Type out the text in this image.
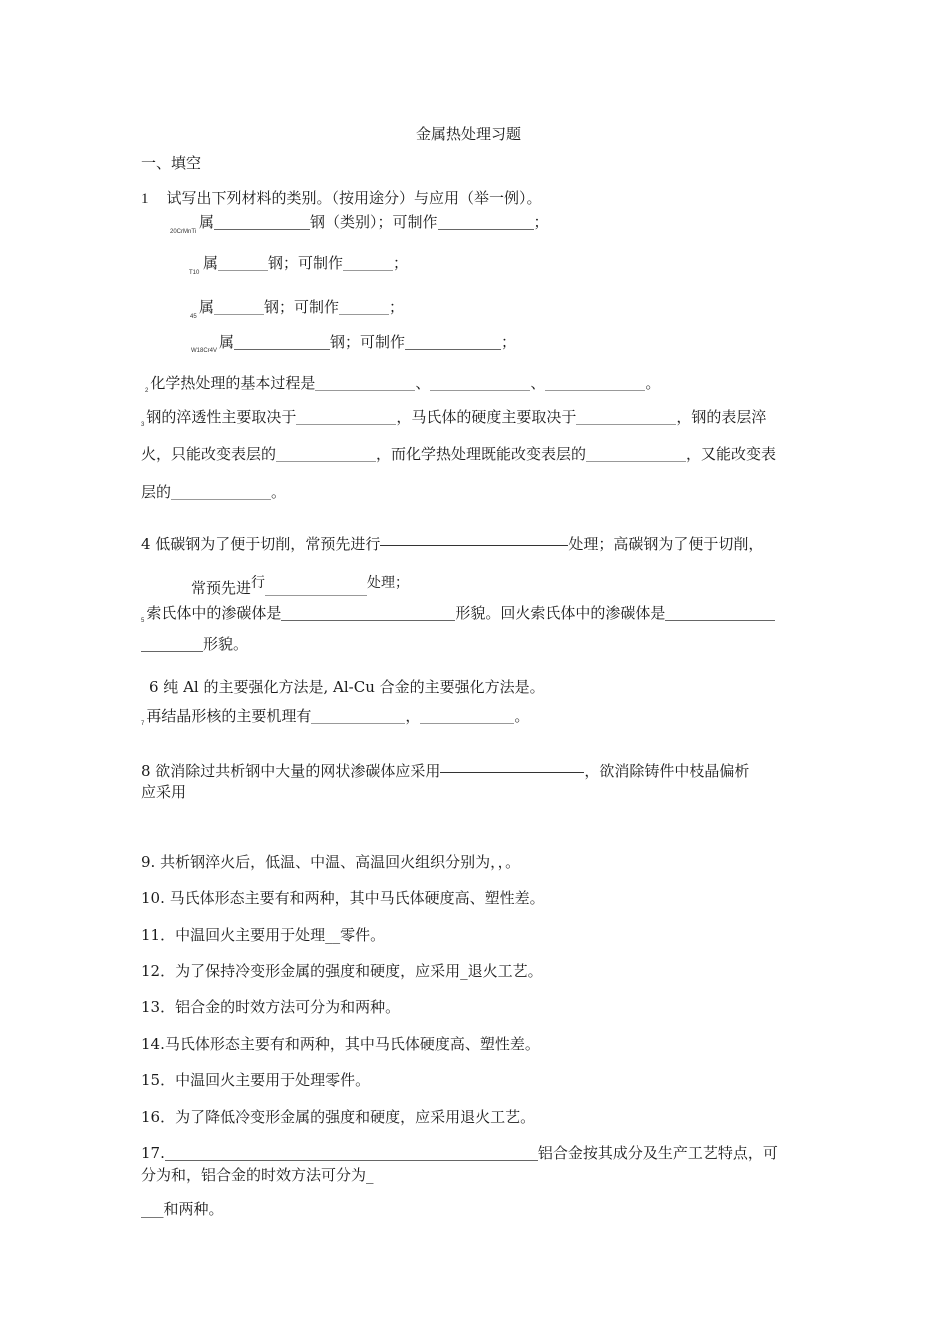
金属热处理习题
一、填空
1 试写出下列材料的类别。（按用途分）与应用（举一例）。
20CrMnTi
属	钢（类别）；可制作	；
T10
属	钢；可制作	；
45
属	钢；可制作	；
W18Cr4V 属	钢；可制作	；
$_2$ 化学热处理的基本过程是	、	、	。
$_3$ 钢的淬透性主要取决于	，马氏体的硬度主要取决于	，钢的表层淬
火，只能改变表层的	，而化学热处理既能改变表层的	，又能改变表
层的	。
4 低碳钢为了便于切削，常预先进行	处理；高碳钢为了便于切削，
常预先进行	处理；
$_5$ 索氏体中的渗碳体是	形貌。回火索氏体中的渗碳体是
形貌。
6 纯 Al 的主要强化方法是, Al-Cu 合金的主要强化方法是。
$_7$ 再结晶形核的主要机理有	，	。
8 欲消除过共析钢中大量的网状渗碳体应采用	，欲消除铸件中枝晶偏析
应采用
9. 共析钢淬火后，低温、中温、高温回火组织分别为，，。
10. 马氏体形态主要有和两种，其中马氏体硬度高、塑性差。
11．中温回火主要用于处理__零件。
12．为了保持冷变形金属的强度和硬度，应采用_退火工艺。
13．铝合金的时效方法可分为和两种。
14.马氏体形态主要有和两种，其中马氏体硬度高、塑性差。
15．中温回火主要用于处理零件。
16．为了降低冷变形金属的强度和硬度，应采用退火工艺。
17.	铝合金按其成分及生产工艺特点，可
分为和，铝合金的时效方法可分为_
___和两种。
